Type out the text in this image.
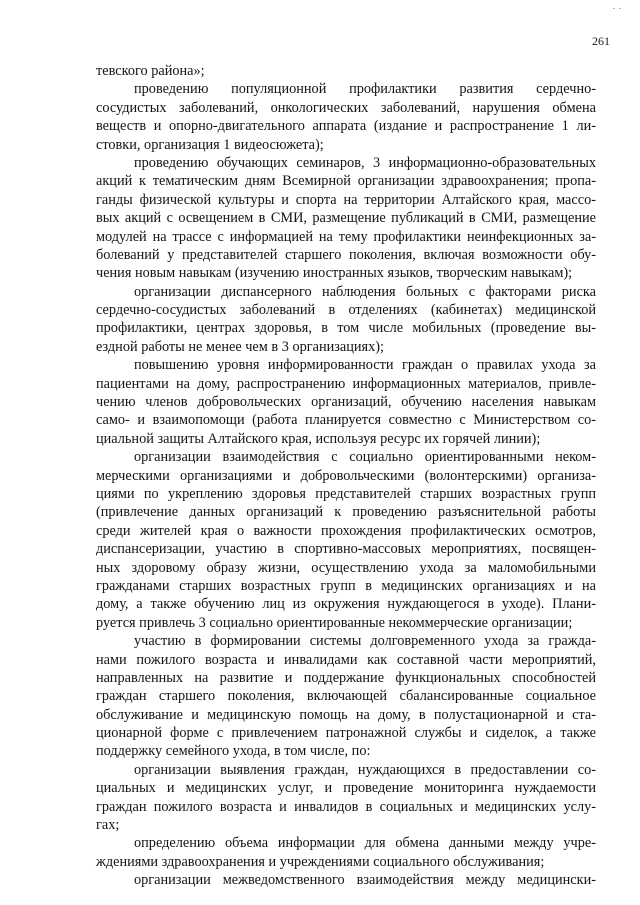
. .
261

тевского района»;

проведению популяционной профилактики развития сердечно-
сосудистых заболеваний, онкологических заболеваний, нарушения обмена
веществ и опорно-двигательного аппарата (издание и распространение 1 ли-
стовки, организация 1 видеосюжета);

проведению обучающих семинаров, 3 информационно-образовательных
акций к тематическим дням Всемирной организации здравоохранения; пропа-
ганды физической культуры и спорта на территории Алтайского края, массо-
вых акций с освещением в СМИ, размещение публикаций в СМИ, размещение
модулей на трассе с информацией на тему профилактики неинфекционных за-
болеваний у представителей старшего поколения, включая возможности обу-
чения новым навыкам (изучению иностранных языков, творческим навыкам);

организации диспансерного наблюдения больных с факторами риска
сердечно-сосудистых заболеваний в отделениях (кабинетах) медицинской
профилактики, центрах здоровья, в том числе мобильных (проведение вы-
ездной работы не менее чем в 3 организациях);

повышению уровня информированности граждан о правилах ухода за
пациентами на дому, распространению информационных материалов, привле-
чению членов добровольческих организаций, обучению населения навыкам
само- и взаимопомощи (работа планируется совместно с Министерством со-
циальной защиты Алтайского края, используя ресурс их горячей линии);

организации взаимодействия с социально ориентированными неком-
мерческими организациями и добровольческими (волонтерскими) организа-
циями по укреплению здоровья представителей старших возрастных групп
(привлечение данных организаций к проведению разъяснительной работы
среди жителей края о важности прохождения профилактических осмотров,
диспансеризации, участию в спортивно-массовых мероприятиях, посвящен-
ных здоровому образу жизни, осуществлению ухода за маломобильными
гражданами старших возрастных групп в медицинских организациях и на
дому, а также обучению лиц из окружения нуждающегося в уходе). Плани-
руется привлечь 3 социально ориентированные некоммерческие организации;

участию в формировании системы долговременного ухода за гражда-
нами пожилого возраста и инвалидами как составной части мероприятий,
направленных на развитие и поддержание функциональных способностей
граждан старшего поколения, включающей сбалансированные социальное
обслуживание и медицинскую помощь на дому, в полустационарной и ста-
ционарной форме с привлечением патронажной службы и сиделок, а также
поддержку семейного ухода, в том числе, по:

организации выявления граждан, нуждающихся в предоставлении со-
циальных и медицинских услуг, и проведение мониторинга нуждаемости
граждан пожилого возраста и инвалидов в социальных и медицинских услу-
гах;

определению объема информации для обмена данными между учре-
ждениями здравоохранения и учреждениями социального обслуживания;

организации межведомственного взаимодействия между медицински-
